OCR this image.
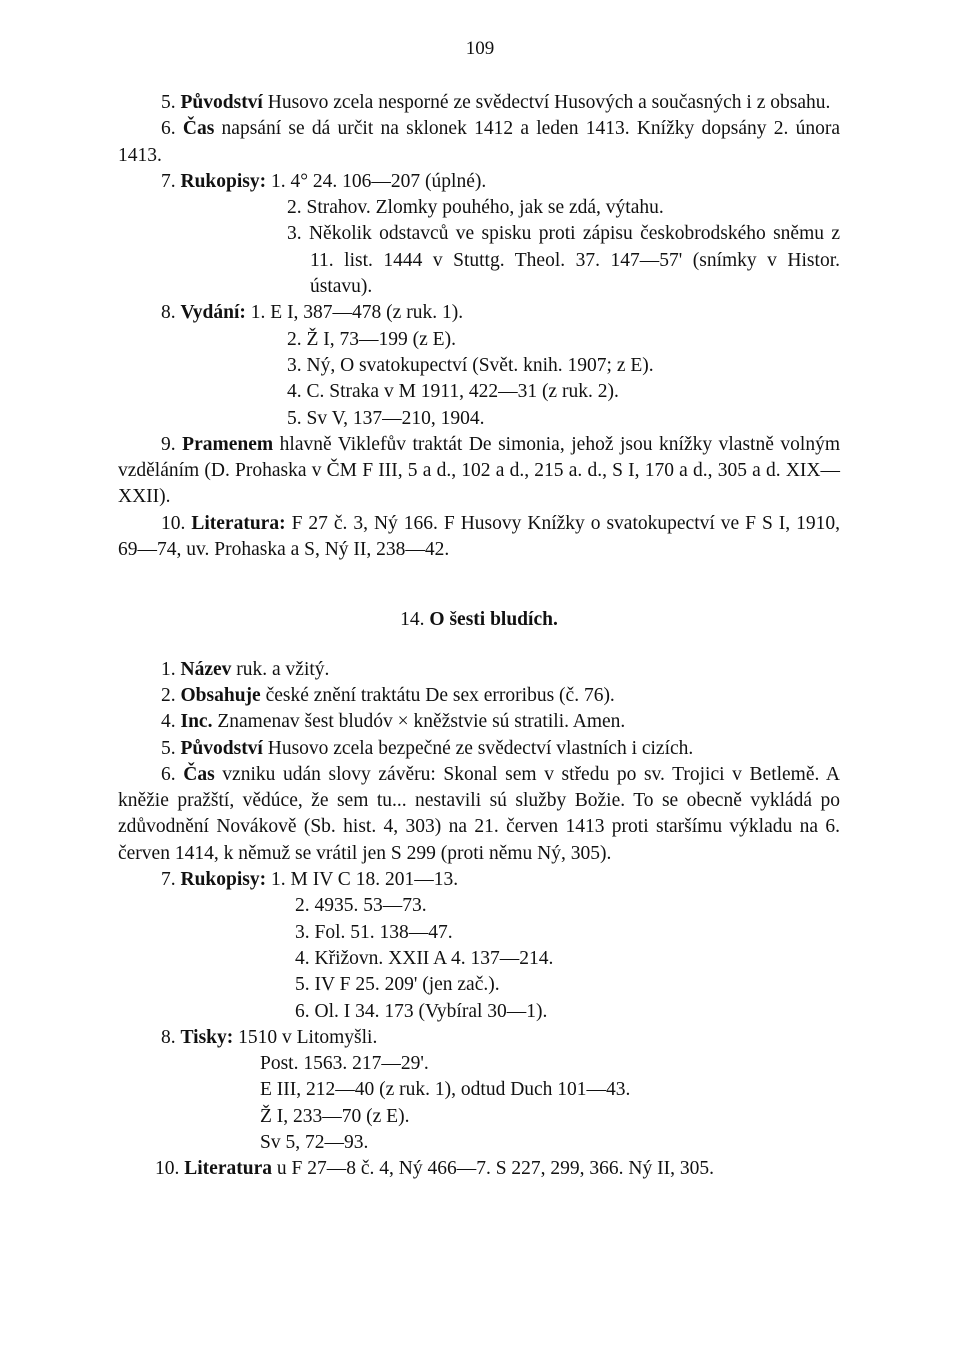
109

5. Původství Husovo zcela nesporné ze svědectví Husových a současných i z obsahu.

6. Čas napsání se dá určit na sklonek 1412 a leden 1413. Knížky dopsány 2. února 1413.

7.
Rukopisy:
1. 4° 24. 106—207 (úplné).
2. Strahov. Zlomky pouhého, jak se zdá, výtahu.
3. Několik odstavců ve spisku proti zápisu českobrodského sněmu z 11. list. 1444 v Stuttg. Theol. 37. 147—57' (snímky v Histor. ústavu).
8.
Vydání:
1. E I, 387—478 (z ruk. 1).
2. Ž I, 73—199 (z E).
3. Ný, O svatokupectví (Svět. knih. 1907; z E).
4. C. Straka v M 1911, 422—31 (z ruk. 2).
5. Sv V, 137—210, 1904.

9. Pramenem hlavně Viklefův traktát De simonia, jehož jsou knížky vlastně volným vzděláním (D. Prohaska v ČM F III, 5 a d., 102 a d., 215 a. d., S I, 170 a d., 305 a d. XIX—XXII).

10. Literatura: F 27 č. 3, Ný 166. F Husovy Knížky o svatokupectví ve F S I, 1910, 69—74, uv. Prohaska a S, Ný II, 238—42.

14. O šesti bludích.

1. Název ruk. a vžitý.

2. Obsahuje české znění traktátu De sex erroribus (č. 76).

4. Inc. Znamenav šest bludóv × kněžstvie sú stratili. Amen.

5. Původství Husovo zcela bezpečné ze svědectví vlastních i cizích.

6. Čas vzniku udán slovy závěru: Skonal sem v středu po sv. Trojici v Betlemě. A kněžie pražští, vědúce, že sem tu... nestavili sú služby Božie. To se obecně vykládá po zdůvodnění Novákově (Sb. hist. 4, 303) na 21. červen 1413 proti staršímu výkladu na 6. červen 1414, k němuž se vrátil jen S 299 (proti němu Ný, 305).

7.
Rukopisy:
1. M IV C 18. 201—13.
2. 4935. 53—73.
3. Fol. 51. 138—47.
4. Křižovn. XXII A 4. 137—214.
5. IV F 25. 209' (jen zač.).
6. Ol. I 34. 173 (Vybíral 30—1).
8.
Tisky:
1510 v Litomyšli.
Post. 1563. 217—29'.
E III, 212—40 (z ruk. 1), odtud Duch 101—43.
Ž I, 233—70 (z E).
Sv 5, 72—93.

10. Literatura u F 27—8 č. 4, Ný 466—7. S 227, 299, 366. Ný II, 305.
